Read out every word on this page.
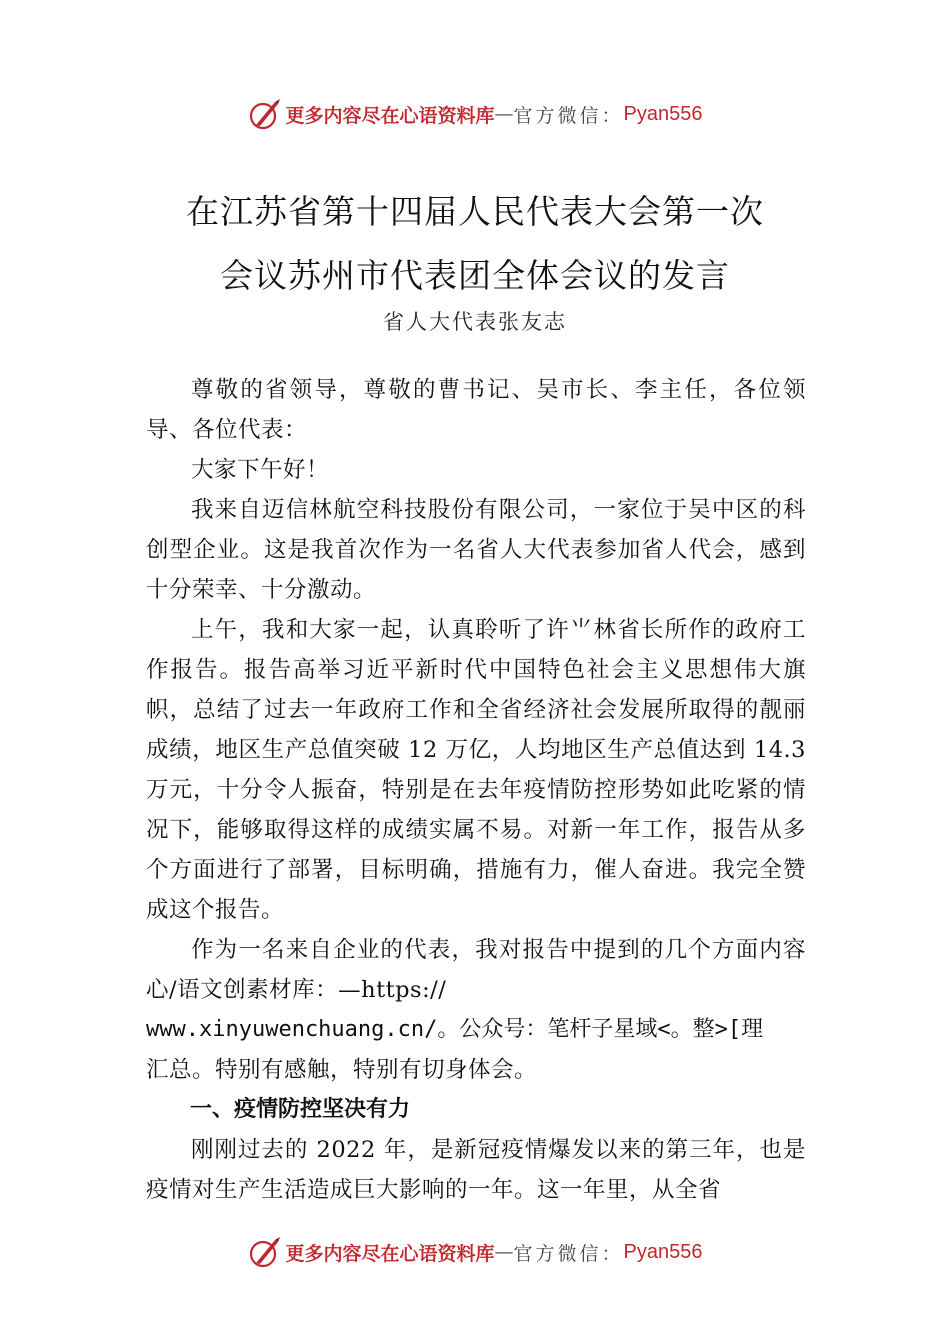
更多内容尽在心语资料库 — 官方微信： Pyan556
在江苏省第十四届人民代表大会第一次
会议苏州市代表团全体会议的发言
省人大代表张友志

尊敬的省领导，尊敬的曹书记、吴市长、李主任，各位领导、各位代表：

大家下午好！

我来自迈信林航空科技股份有限公司，一家位于吴中区的科创型企业。这是我首次作为一名省人大代表参加省人代会，感到十分荣幸、十分激动。

上午，我和大家一起，认真聆听了许⺌林省长所作的政府工作报告。报告高举习近平新时代中国特色社会主义思想伟大旗帜，总结了过去一年政府工作和全省经济社会发展所取得的靓丽成绩，地区生产总值突破 12 万亿，人均地区生产总值达到 14.3 万元，十分令人振奋，特别是在去年疫情防控形势如此吃紧的情况下，能够取得这样的成绩实属不易。对新一年工作，报告从多个方面进行了部署，目标明确，措施有力，催人奋进。我完全赞成这个报告。

作为一名来自企业的代表，我对报告中提到的几个方面内容心/语文创素材库：—https://

www.xinyuwenchuang.cn/。公众号：笔杆子星域<。整>[理

汇总。特别有感触，特别有切身体会。

一、疫情防控坚决有力

刚刚过去的 2022 年，是新冠疫情爆发以来的第三年，也是疫情对生产生活造成巨大影响的一年。这一年里，从全省

更多内容尽在心语资料库 — 官方微信： Pyan556
